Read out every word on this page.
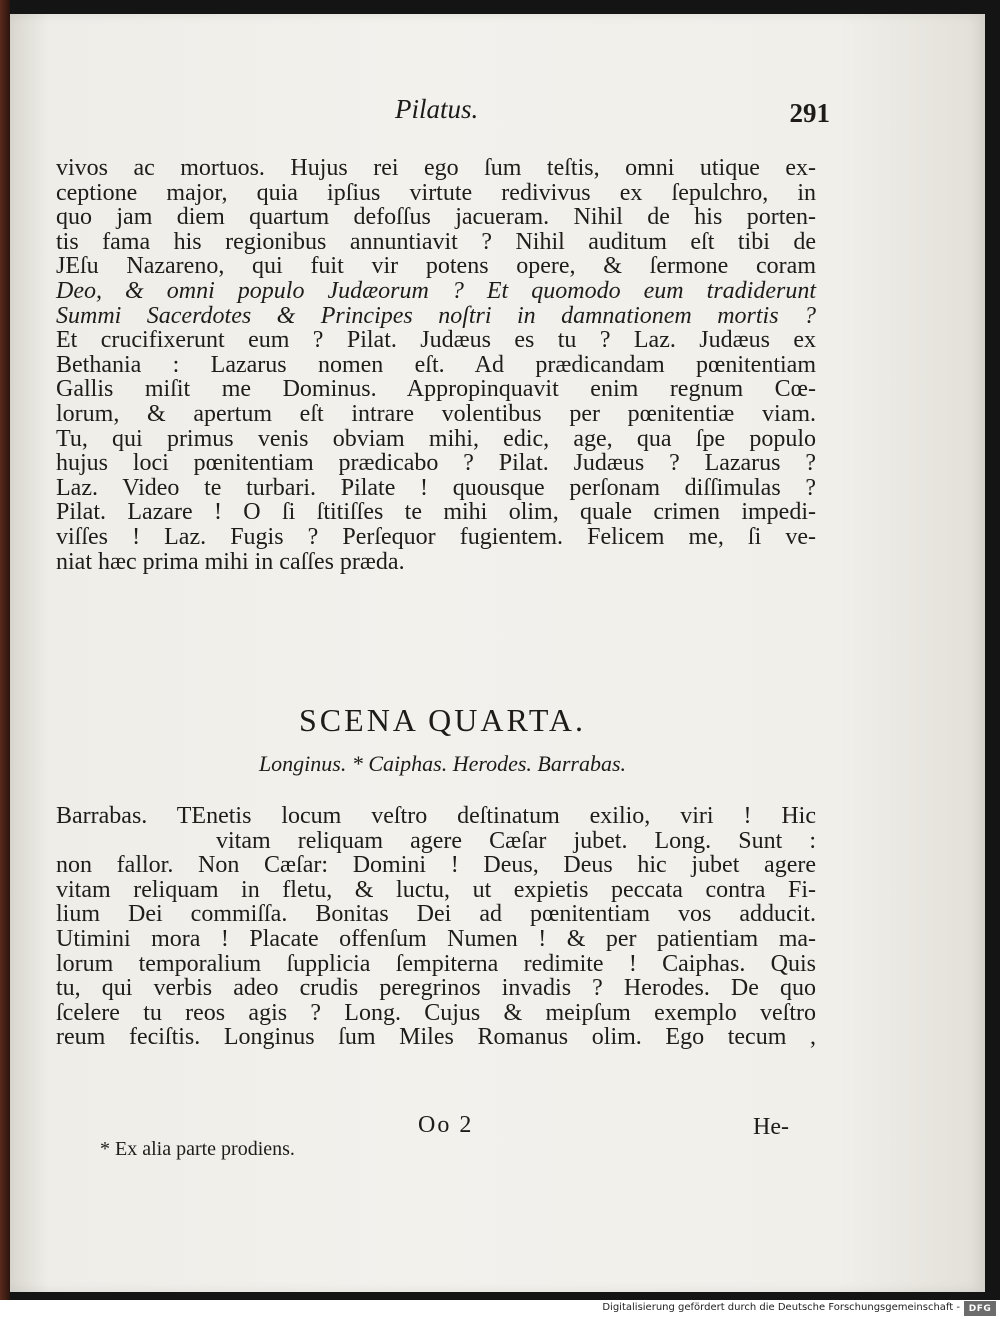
Pilatus.	291
vivos ac mortuos. Hujus rei ego ſum teſtis, omni utique ex-
ceptione major, quia ipſius virtute redivivus ex ſepulchro, in
quo jam diem quartum defoſſus jacueram. Nihil de his porten-
tis fama his regionibus annuntiavit ? Nihil auditum eſt tibi de
JEſu Nazareno, qui fuit vir potens opere, & ſermone coram
Deo, & omni populo Judæorum ? Et quomodo eum tradiderunt
Summi Sacerdotes & Principes noſtri in damnationem mortis ?
Et crucifixerunt eum ? Pilat. Judæus es tu ? Laz. Judæus ex
Bethania : Lazarus nomen eſt. Ad prædicandam pœnitentiam
Gallis miſit me Dominus. Appropinquavit enim regnum Cœ-
lorum, & apertum eſt intrare volentibus per pœnitentiæ viam.
Tu, qui primus venis obviam mihi, edic, age, qua ſpe populo
hujus loci pœnitentiam prædicabo ? Pilat. Judæus ? Lazarus ?
Laz. Video te turbari. Pilate ! quousque perſonam diſſimulas ?
Pilat. Lazare ! O ſi ſtitiſſes te mihi olim, quale crimen impedi-
viſſes ! Laz. Fugis ? Perſequor fugientem. Felicem me, ſi ve-
niat hæc prima mihi in caſſes præda.
SCENA QUARTA.
Longinus. * Caiphas. Herodes. Barrabas.
Barrabas. TEnetis locum veſtro deſtinatum exilio, viri ! Hic
vitam reliquam agere Cæſar jubet. Long. Sunt :
non fallor. Non Cæſar: Domini ! Deus, Deus hic jubet agere
vitam reliquam in fletu, & luctu, ut expietis peccata contra Fi-
lium Dei commiſſa. Bonitas Dei ad pœnitentiam vos adducit.
Utimini mora ! Placate offenſum Numen ! & per patientiam ma-
lorum temporalium ſupplicia ſempiterna redimite ! Caiphas. Quis
tu, qui verbis adeo crudis peregrinos invadis ? Herodes. De quo
ſcelere tu reos agis ? Long. Cujus & meipſum exemplo veſtro
reum feciſtis. Longinus ſum Miles Romanus olim. Ego tecum ,
Oo 2	He-
* Ex alia parte prodiens.
Digitalisierung gefördert durch die Deutsche Forschungsgemeinschaft - DFG
